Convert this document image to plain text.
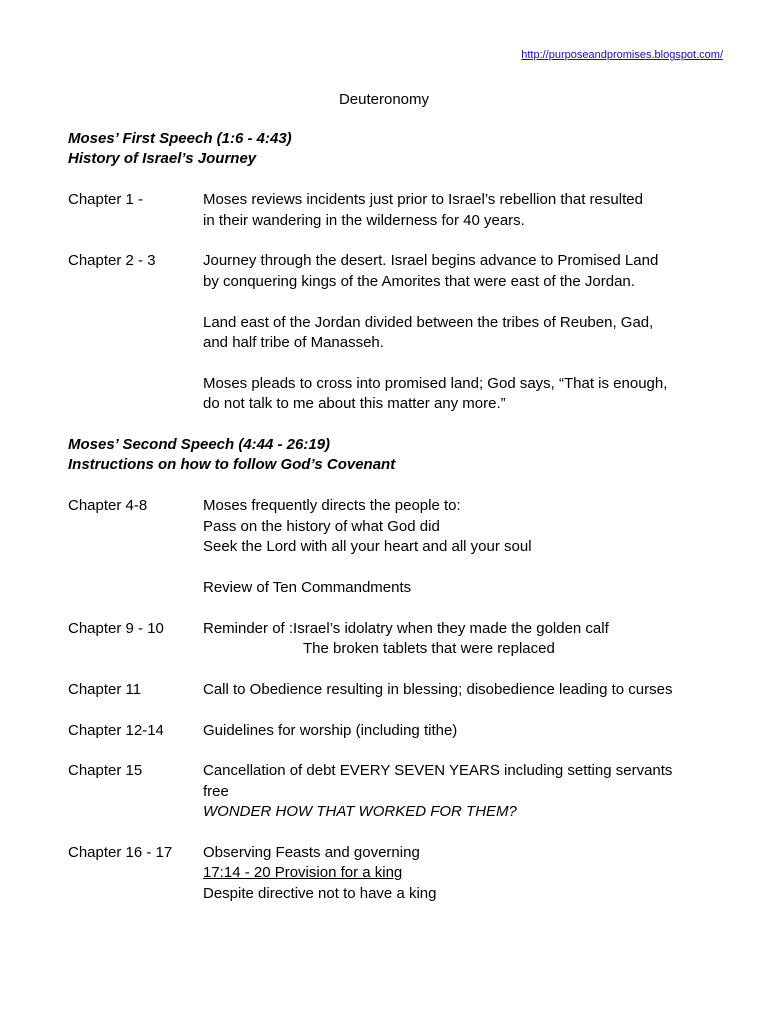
http://purposeandpromises.blogspot.com/
Deuteronomy
Moses’ First Speech (1:6 - 4:43)
History of Israel’s Journey
Chapter 1 -	Moses reviews incidents just prior to Israel’s rebellion that resulted
in their wandering in the wilderness for 40 years.
Chapter 2 - 3	Journey through the desert. Israel begins advance to Promised Land
by conquering kings of the Amorites that were east of the Jordan.
Land east of the Jordan divided between the tribes of Reuben, Gad,
and half tribe of Manasseh.
Moses pleads to cross into promised land; God says, “That is enough,
do not talk to me about this matter any more.”
Moses’ Second Speech (4:44 - 26:19)
Instructions on how to follow God’s Covenant
Chapter 4-8	Moses frequently directs the people to:
Pass on the history of what God did
Seek the Lord with all your heart and all your soul
Review of Ten Commandments
Chapter 9 - 10	Reminder of :Israel’s idolatry when they made the golden calf
The broken tablets that were replaced
Chapter 11	Call to Obedience resulting in blessing; disobedience leading to curses
Chapter 12-14	Guidelines for worship (including tithe)
Chapter 15	Cancellation of debt EVERY SEVEN YEARS including setting servants
free
WONDER HOW THAT WORKED FOR THEM?
Chapter 16 - 17	Observing Feasts and governing
17:14 - 20 Provision for a king
Despite directive not to have a king
